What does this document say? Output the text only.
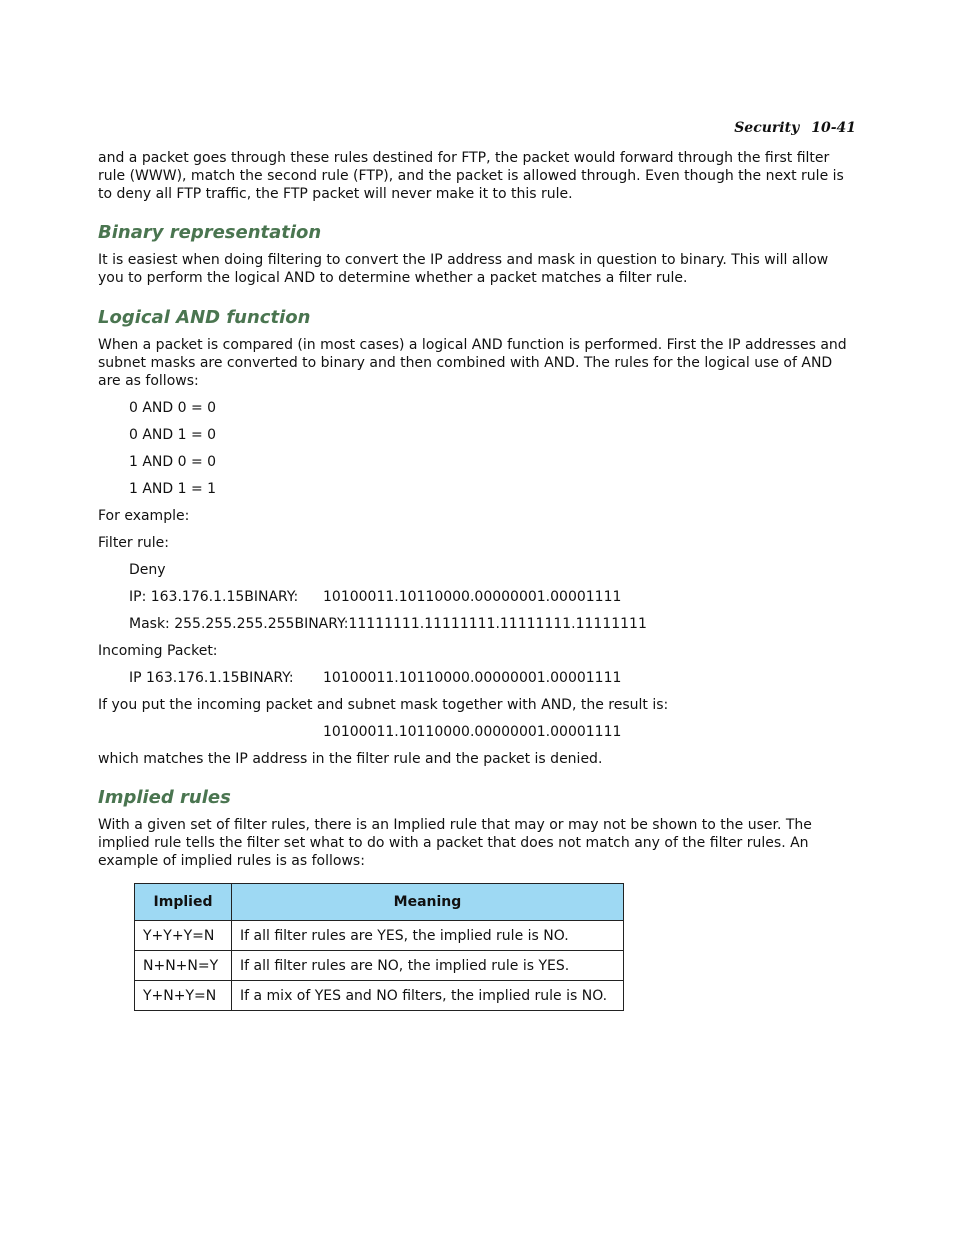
Security 10-41

and a packet goes through these rules destined for FTP, the packet would forward through the first filter rule (WWW), match the second rule (FTP), and the packet is allowed through. Even though the next rule is to deny all FTP traffic, the FTP packet will never make it to this rule.

Binary representation

It is easiest when doing filtering to convert the IP address and mask in question to binary. This will allow you to perform the logical AND to determine whether a packet matches a filter rule.

Logical AND function

When a packet is compared (in most cases) a logical AND function is performed. First the IP addresses and subnet masks are converted to binary and then combined with AND. The rules for the logical use of AND are as follows:

0 AND 0 = 0
0 AND 1 = 0
1 AND 0 = 0
1 AND 1 = 1
For example:
Filter rule:
Deny
IP: 163.176.1.15BINARY: 10100011.10110000.00000001.00001111
Mask: 255.255.255.255BINARY:11111111.11111111.11111111.11111111
Incoming Packet:
IP 163.176.1.15BINARY: 10100011.10110000.00000001.00001111
If you put the incoming packet and subnet mask together with AND, the result is:
10100011.10110000.00000001.00001111
which matches the IP address in the filter rule and the packet is denied.
Implied rules

With a given set of filter rules, there is an Implied rule that may or may not be shown to the user. The implied rule tells the filter set what to do with a packet that does not match any of the filter rules. An example of implied rules is as follows:

Implied	Meaning
Y+Y+Y=N	If all filter rules are YES, the implied rule is NO.
N+N+N=Y	If all filter rules are NO, the implied rule is YES.
Y+N+Y=N	If a mix of YES and NO filters, the implied rule is NO.
